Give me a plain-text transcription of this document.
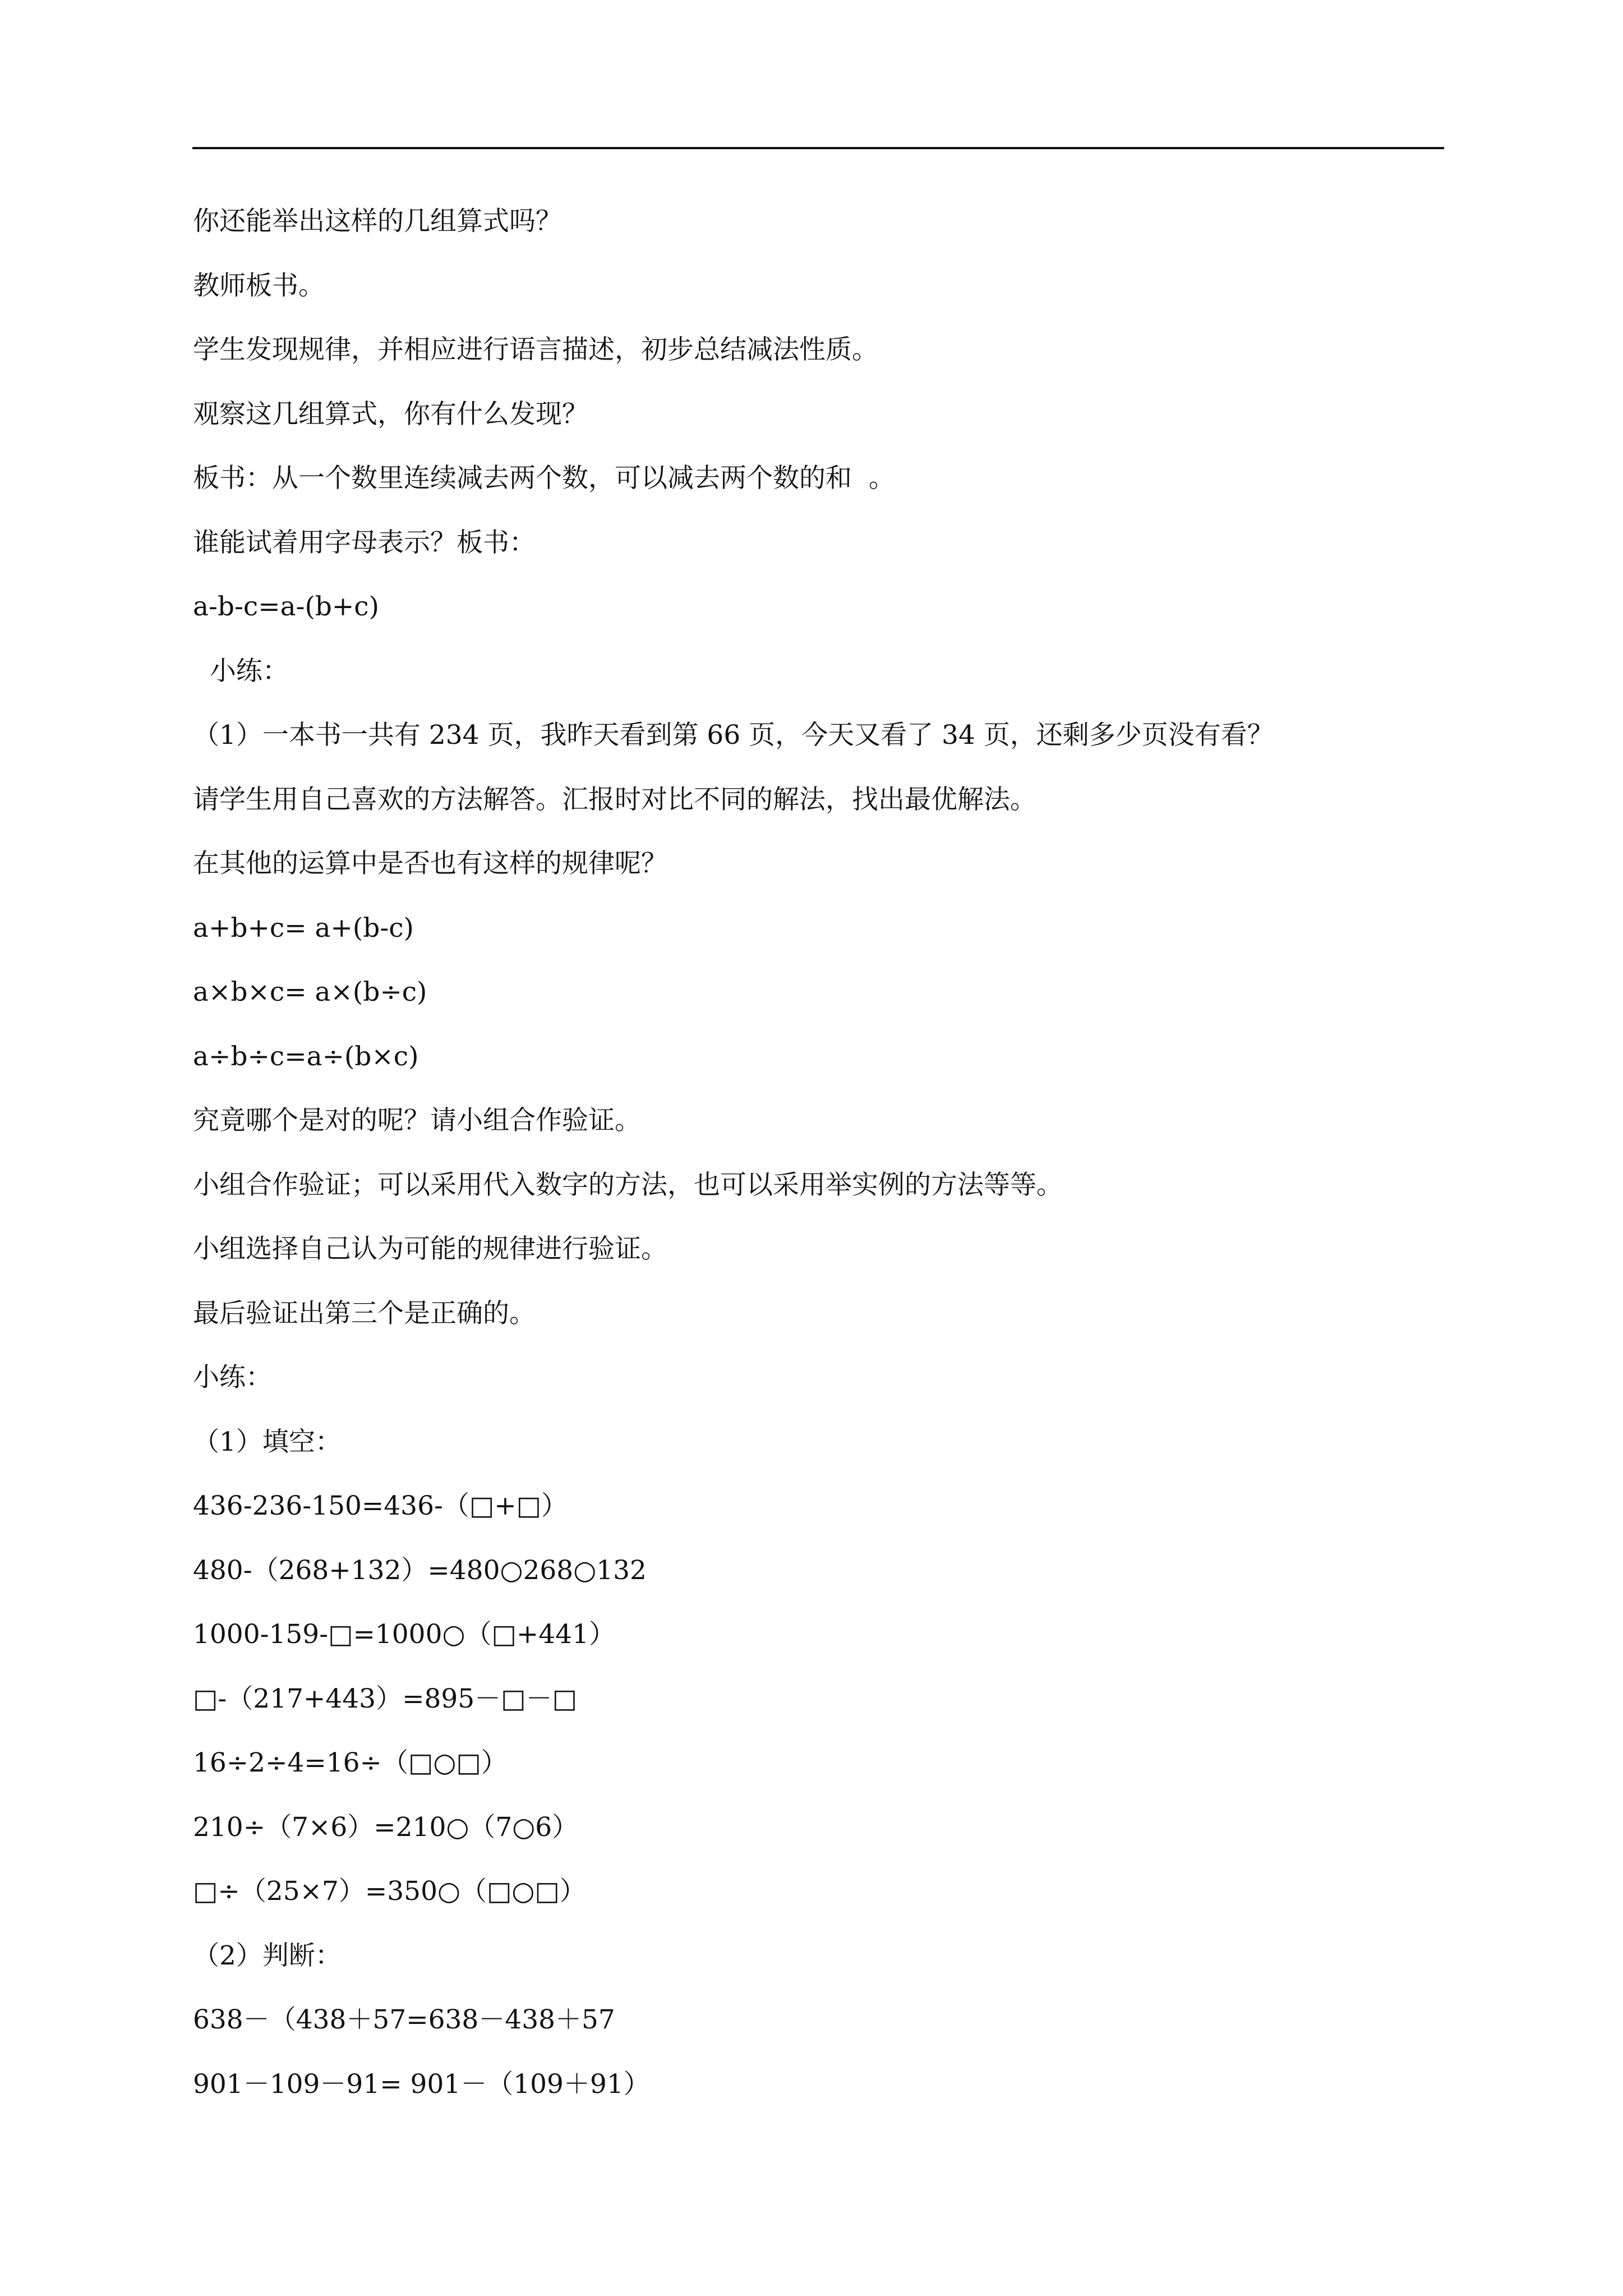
你还能举出这样的几组算式吗？
教师板书。
学生发现规律，并相应进行语言描述，初步总结减法性质。
观察这几组算式，你有什么发现？
板书：从一个数里连续减去两个数，可以减去两个数的和  。
谁能试着用字母表示？板书：
a-b-c=a-(b+c)
小练：
（1）一本书一共有 234 页，我昨天看到第 66 页，今天又看了 34 页，还剩多少页没有看？
请学生用自己喜欢的方法解答。汇报时对比不同的解法，找出最优解法。
在其他的运算中是否也有这样的规律呢？
a+b+c= a+(b-c)
a×b×c= a×(b÷c)
a÷b÷c=a÷(b×c)
究竟哪个是对的呢？请小组合作验证。
小组合作验证；可以采用代入数字的方法，也可以采用举实例的方法等等。
小组选择自己认为可能的规律进行验证。
最后验证出第三个是正确的。
小练：
（1）填空：
436-236-150=436-（□+□）
480-（268+132）=480○268○132
1000-159-□=1000○（□+441）
□-（217+443）=895－□－□
16÷2÷4=16÷（□○□）
210÷（7×6）=210○（7○6）
□÷（25×7）=350○（□○□）
（2）判断：
638－（438＋57=638－438＋57
901－109－91= 901－（109＋91）
